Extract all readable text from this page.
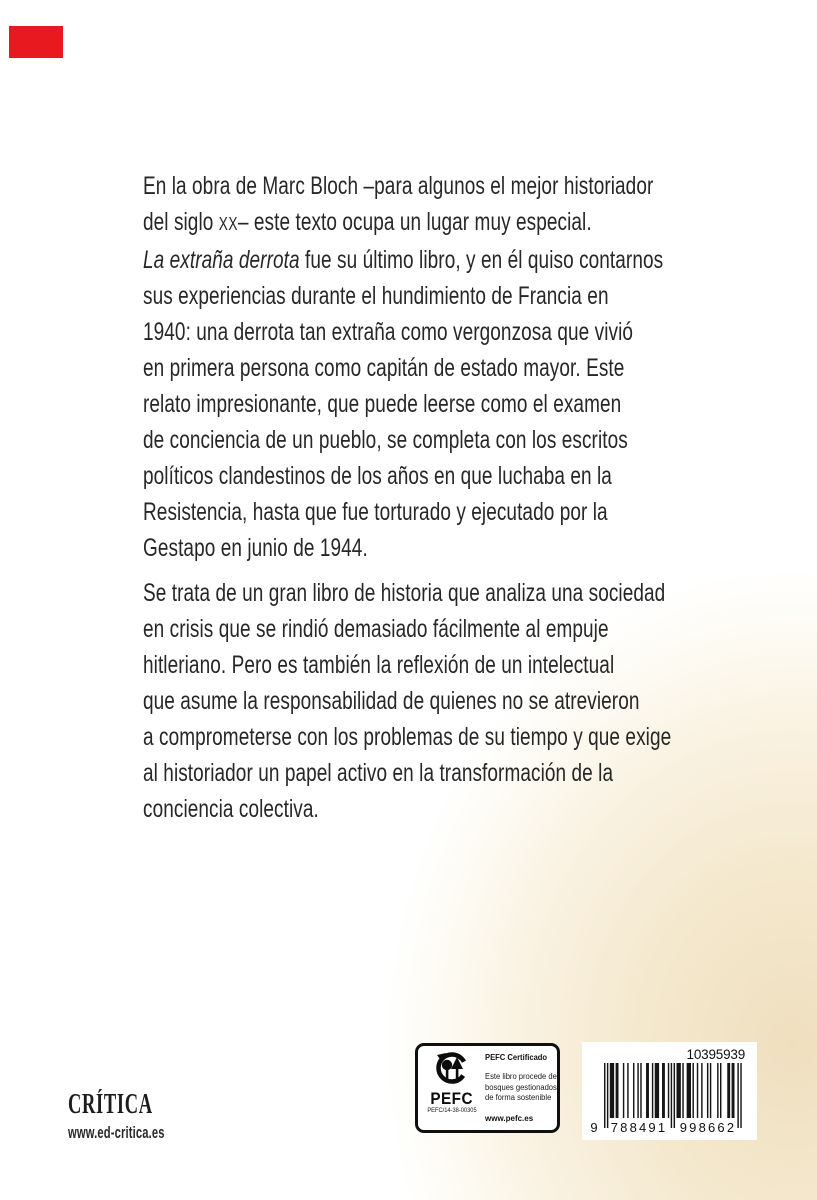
En la obra de Marc Bloch –para algunos el mejor historiador
del siglo XX– este texto ocupa un lugar muy especial.
La extraña derrota fue su último libro, y en él quiso contarnos
sus experiencias durante el hundimiento de Francia en
1940: una derrota tan extraña como vergonzosa que vivió
en primera persona como capitán de estado mayor. Este
relato impresionante, que puede leerse como el examen
de conciencia de un pueblo, se completa con los escritos
políticos clandestinos de los años en que luchaba en la
Resistencia, hasta que fue torturado y ejecutado por la
Gestapo en junio de 1944.
Se trata de un gran libro de historia que analiza una sociedad
en crisis que se rindió demasiado fácilmente al empuje
hitleriano. Pero es también la reflexión de un intelectual
que asume la responsabilidad de quienes no se atrevieron
a comprometerse con los problemas de su tiempo y que exige
al historiador un papel activo en la transformación de la
conciencia colectiva.
CRÍTICA
www.ed-critica.es
PEFC
PEFC/14-38-00305
PEFC Certificado
Este libro procede de
bosques gestionados
de forma sostenible
www.pefc.es
10395939
9 788491 998662
